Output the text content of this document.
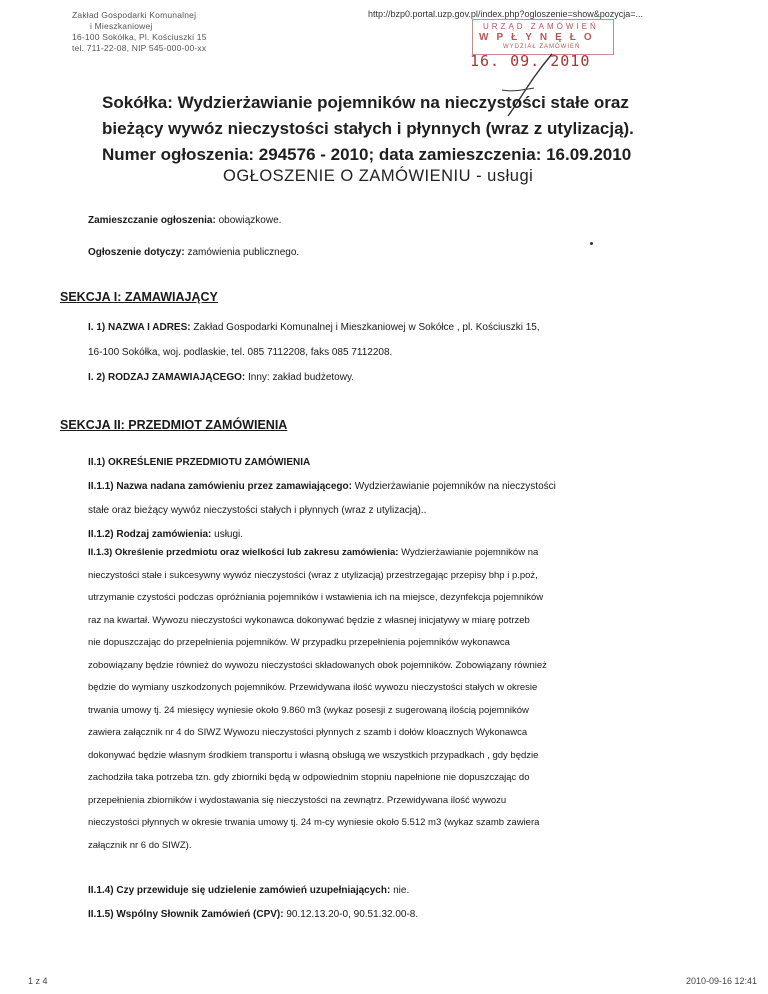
Zakład Gospodarki Komunalnej
i Mieszkaniowej
16-100 Sokółka, Pl. Kościuszki 15
tel. 711-22-08, NIP 545-000-00-xx
http://bzp0.portal.uzp.gov.pl/index.php?ogloszenie=show&pozycja=...
URZĄD ZAMÓWIEŃ
WPŁYNĘŁO
WYDZIAŁ ZAMÓWIEŃ
16. 09. 2010
Sokółka: Wydzierżawianie pojemników na nieczystości stałe oraz
bieżący wywóz nieczystości stałych i płynnych (wraz z utylizacją).
Numer ogłoszenia: 294576 - 2010; data zamieszczenia: 16.09.2010
OGŁOSZENIE O ZAMÓWIENIU - usługi
Zamieszczanie ogłoszenia: obowiązkowe.
Ogłoszenie dotyczy: zamówienia publicznego.
SEKCJA I: ZAMAWIAJĄCY
I. 1) NAZWA I ADRES: Zakład Gospodarki Komunalnej i Mieszkaniowej w Sokółce , pl. Kościuszki 15,
16-100 Sokółka, woj. podlaskie, tel. 085 7112208, faks 085 7112208.
I. 2) RODZAJ ZAMAWIAJĄCEGO: Inny: zakład budżetowy.
SEKCJA II: PRZEDMIOT ZAMÓWIENIA
II.1) OKREŚLENIE PRZEDMIOTU ZAMÓWIENIA
II.1.1) Nazwa nadana zamówieniu przez zamawiającego: Wydzierżawianie pojemników na nieczystości
stałe oraz bieżący wywóz nieczystości stałych i płynnych (wraz z utylizacją)..
II.1.2) Rodzaj zamówienia: usługi.
II.1.3) Określenie przedmiotu oraz wielkości lub zakresu zamówienia: Wydzierżawianie pojemników na
nieczystości stałe i sukcesywny wywóz nieczystości (wraz z utylizacją) przestrzegając przepisy bhp i p.poż,
utrzymanie czystości podczas opróżniania pojemników i wstawienia ich na miejsce, dezynfekcja pojemników
raz na kwartał. Wywozu nieczystości wykonawca dokonywać będzie z własnej inicjatywy w miarę potrzeb
nie dopuszczając do przepełnienia pojemników. W przypadku przepełnienia pojemników wykonawca
zobowiązany będzie również do wywozu nieczystości składowanych obok pojemników. Zobowiązany również
będzie do wymiany uszkodzonych pojemników. Przewidywana ilość wywozu nieczystości stałych w okresie
trwania umowy tj. 24 miesięcy wyniesie około 9.860 m3 (wykaz posesji z sugerowaną ilością pojemników
zawiera załącznik nr 4 do SIWZ Wywozu nieczystości płynnych z szamb i dołów kloacznych Wykonawca
dokonywać będzie własnym środkiem transportu i własną obsługą we wszystkich przypadkach , gdy będzie
zachodziła taka potrzeba tzn. gdy zbiorniki będą w odpowiednim stopniu napełnione nie dopuszczając do
przepełnienia zbiorników i wydostawania się nieczystości na zewnątrz. Przewidywana ilość wywozu
nieczystości płynnych w okresie trwania umowy tj. 24 m-cy wyniesie około 5.512 m3 (wykaz szamb zawiera
załącznik nr 6 do SIWZ).
II.1.4) Czy przewiduje się udzielenie zamówień uzupełniających: nie.
II.1.5) Wspólny Słownik Zamówień (CPV): 90.12.13.20-0, 90.51.32.00-8.
1 z 4	2010-09-16 12:41
